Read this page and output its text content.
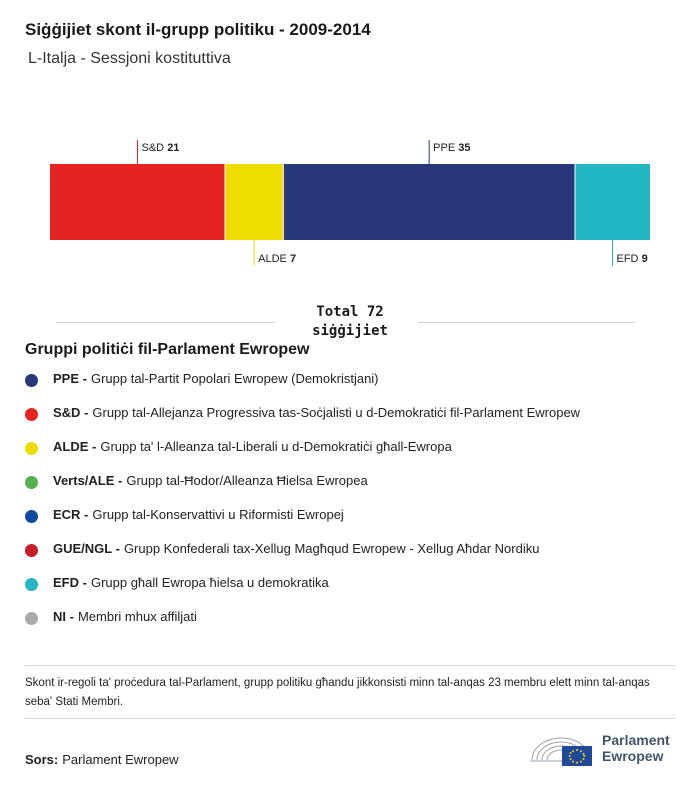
Siġġijiet skont il-grupp politiku - 2009-2014
L-Italja - Sessjoni kostituttiva
S&D 21
ALDE 7
PPE 35
EFD 9
Total 72
siġġijiet
Gruppi politiċi fil-Parlament Ewropew
PPE - Grupp tal-Partit Popolari Ewropew (Demokristjani)
S&D - Grupp tal-Allejanza Progressiva tas-Soċjalisti u d-Demokratiċi fil-Parlament Ewropew
ALDE - Grupp ta' l-Alleanza tal-Liberali u d-Demokratiċi għall-Ewropa
Verts/ALE - Grupp tal-Ħodor/Alleanza Ħielsa Ewropea
ECR - Grupp tal-Konservattivi u Riformisti Ewropej
GUE/NGL - Grupp Konfederali tax-Xellug Magħqud Ewropew - Xellug Aħdar Nordiku
EFD - Grupp għall Ewropa ħielsa u demokratika
NI - Membri mhux affiljati
Skont ir-regoli ta' proċedura tal-Parlament, grupp politiku għandu jikkonsisti minn tal-anqas 23 membru elett minn tal-anqas seba' Stati Membri.
Sors: Parlament Ewropew
Parlament
Ewropew
